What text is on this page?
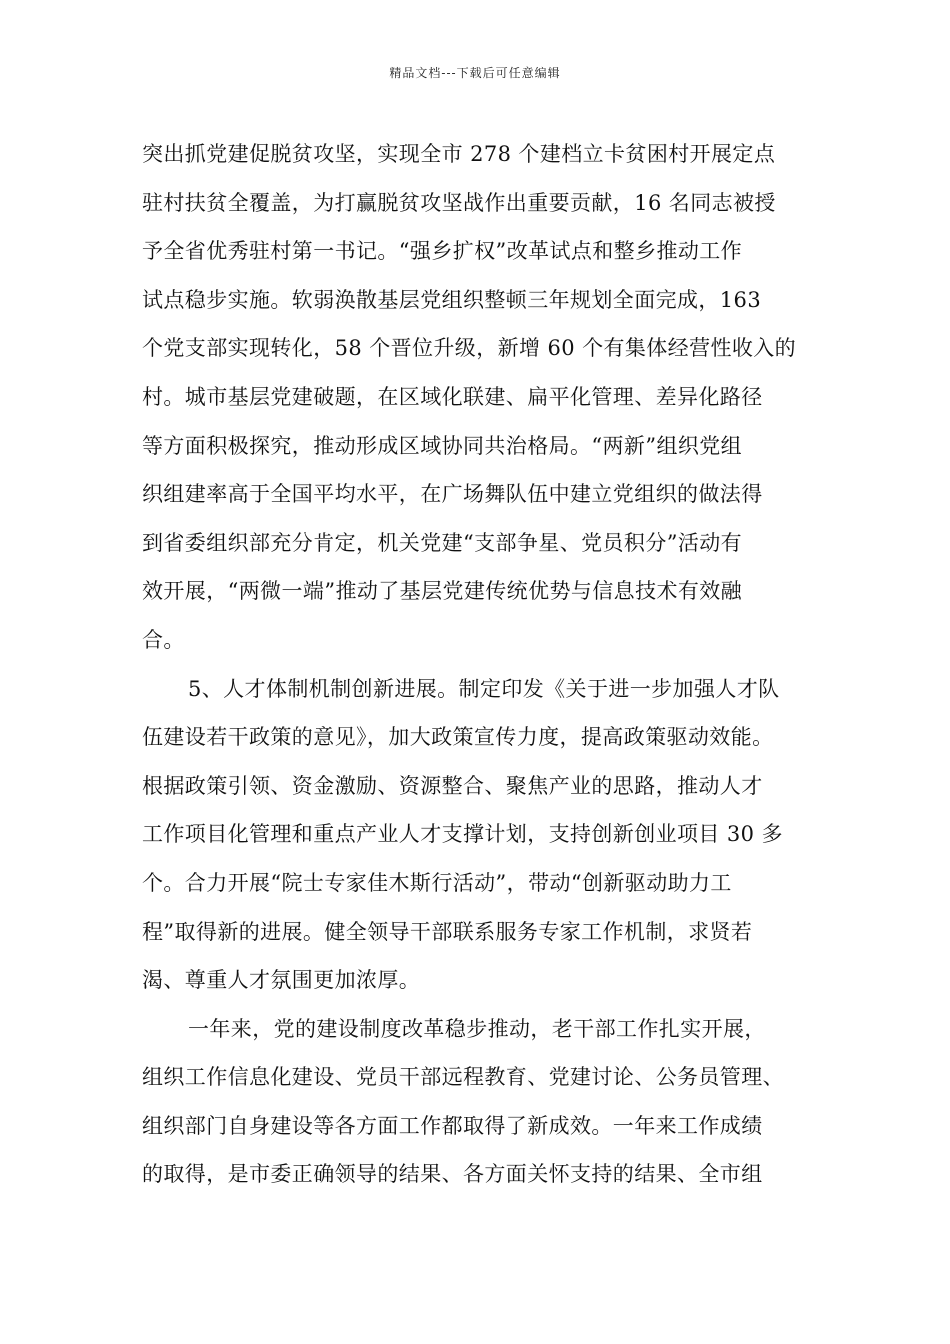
精品文档---下载后可任意编辑
突出抓党建促脱贫攻坚，实现全市 278 个建档立卡贫困村开展定点
驻村扶贫全覆盖，为打赢脱贫攻坚战作出重要贡献，16 名同志被授
予全省优秀驻村第一书记。“强乡扩权”改革试点和整乡推动工作
试点稳步实施。软弱涣散基层党组织整顿三年规划全面完成，163
个党支部实现转化，58 个晋位升级，新增 60 个有集体经营性收入的
村。城市基层党建破题，在区域化联建、扁平化管理、差异化路径
等方面积极探究，推动形成区域协同共治格局。“两新”组织党组
织组建率高于全国平均水平，在广场舞队伍中建立党组织的做法得
到省委组织部充分肯定，机关党建“支部争星、党员积分”活动有
效开展，“两微一端”推动了基层党建传统优势与信息技术有效融
合。
5、人才体制机制创新进展。制定印发《关于进一步加强人才队
伍建设若干政策的意见》，加大政策宣传力度，提高政策驱动效能。
根据政策引领、资金激励、资源整合、聚焦产业的思路，推动人才
工作项目化管理和重点产业人才支撑计划，支持创新创业项目 30 多
个。合力开展“院士专家佳木斯行活动”，带动“创新驱动助力工
程”取得新的进展。健全领导干部联系服务专家工作机制，求贤若
渴、尊重人才氛围更加浓厚。
一年来，党的建设制度改革稳步推动，老干部工作扎实开展，
组织工作信息化建设、党员干部远程教育、党建讨论、公务员管理、
组织部门自身建设等各方面工作都取得了新成效。一年来工作成绩
的取得，是市委正确领导的结果、各方面关怀支持的结果、全市组
